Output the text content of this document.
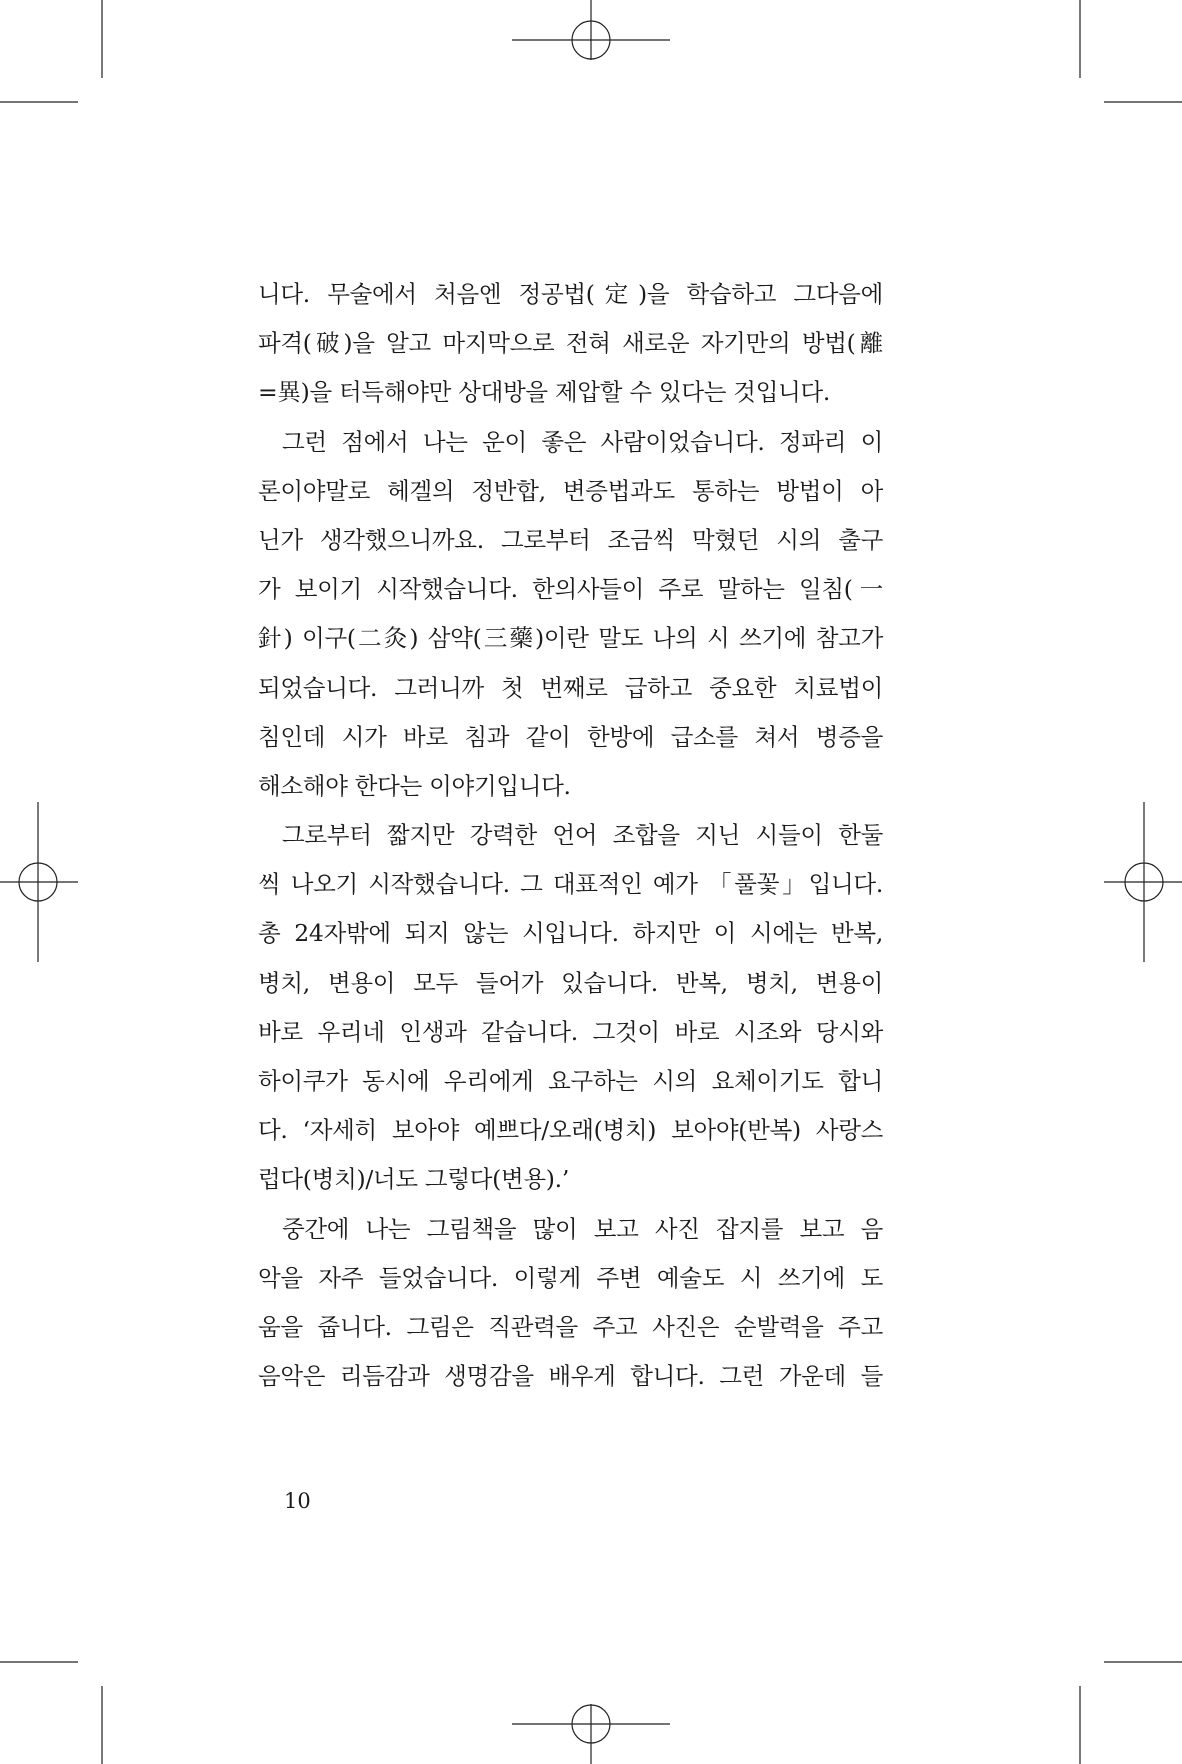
니다. 무술에서 처음엔 정공법(定)을 학습하고 그다음에
파격(破)을 알고 마지막으로 전혀 새로운 자기만의 방법(離
=異)을 터득해야만 상대방을 제압할 수 있다는 것입니다.
그런 점에서 나는 운이 좋은 사람이었습니다. 정파리 이
론이야말로 헤겔의 정반합, 변증법과도 통하는 방법이 아
닌가 생각했으니까요. 그로부터 조금씩 막혔던 시의 출구
가 보이기 시작했습니다. 한의사들이 주로 말하는 일침(一
針) 이구(二灸) 삼약(三藥)이란 말도 나의 시 쓰기에 참고가
되었습니다. 그러니까 첫 번째로 급하고 중요한 치료법이
침인데 시가 바로 침과 같이 한방에 급소를 쳐서 병증을
해소해야 한다는 이야기입니다.
그로부터 짧지만 강력한 언어 조합을 지닌 시들이 한둘
씩 나오기 시작했습니다. 그 대표적인 예가 「풀꽃」입니다.
총 24자밖에 되지 않는 시입니다. 하지만 이 시에는 반복,
병치, 변용이 모두 들어가 있습니다. 반복, 병치, 변용이
바로 우리네 인생과 같습니다. 그것이 바로 시조와 당시와
하이쿠가 동시에 우리에게 요구하는 시의 요체이기도 합니
다. ‘자세히 보아야 예쁘다/오래(병치) 보아야(반복) 사랑스
럽다(병치)/너도 그렇다(변용).’
중간에 나는 그림책을 많이 보고 사진 잡지를 보고 음
악을 자주 들었습니다. 이렇게 주변 예술도 시 쓰기에 도
움을 줍니다. 그림은 직관력을 주고 사진은 순발력을 주고
음악은 리듬감과 생명감을 배우게 합니다. 그런 가운데 들
10
